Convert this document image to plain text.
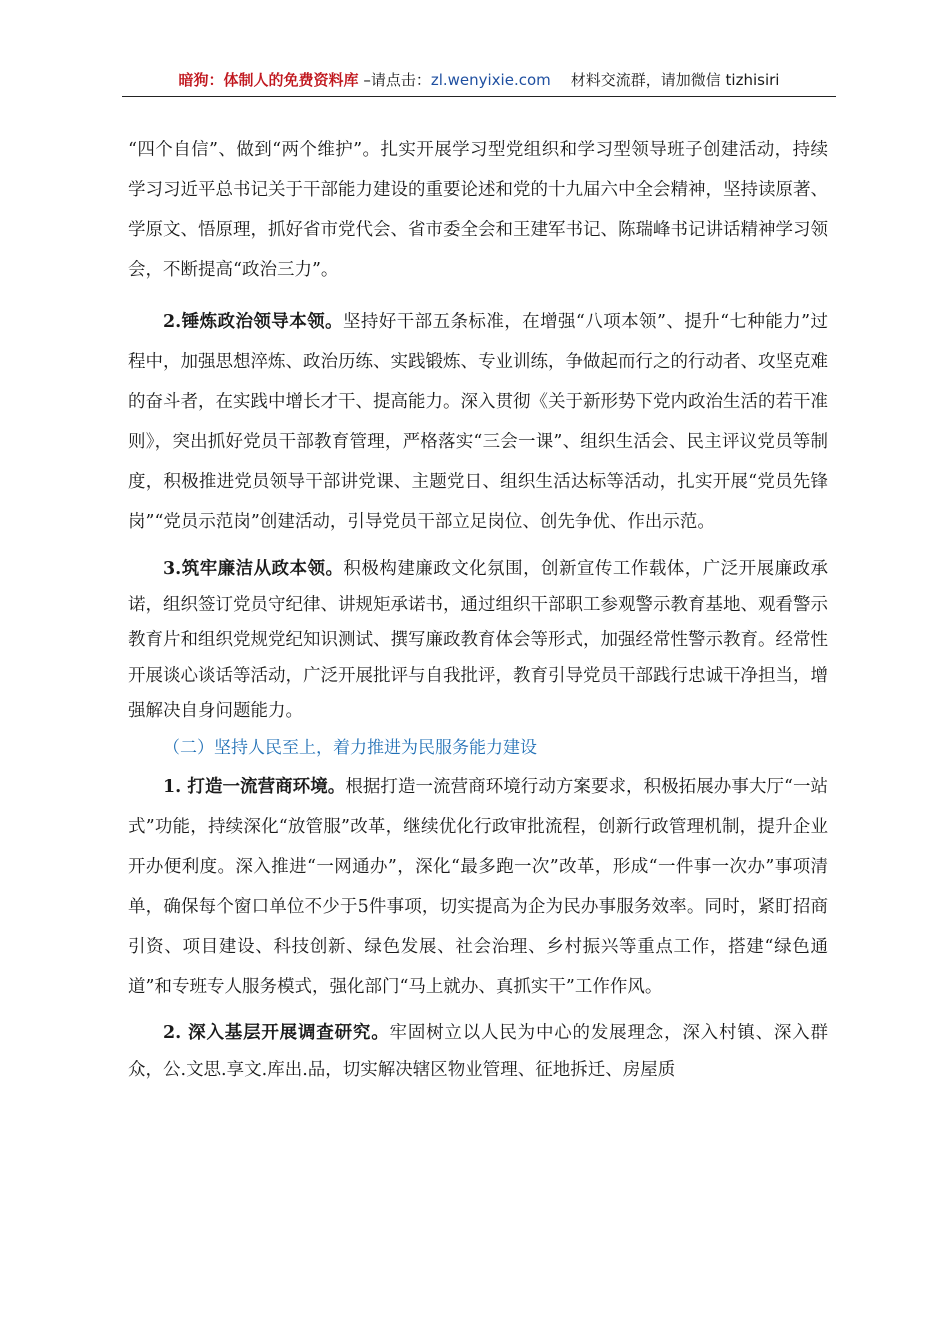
暗狗：体制人的免费资料库 –请点击：zl.wenyixie.com 材料交流群，请加微信 tizhisiri

“四个自信”、做到“两个维护”。扎实开展学习型党组织和学习型领导班子创建活动，持续学习习近平总书记关于干部能力建设的重要论述和党的十九届六中全会精神，坚持读原著、学原文、悟原理，抓好省市党代会、省市委全会和王建军书记、陈瑞峰书记讲话精神学习领会，不断提高“政治三力”。

2.锤炼政治领导本领。坚持好干部五条标准，在增强“八项本领”、提升“七种能力”过程中，加强思想淬炼、政治历练、实践锻炼、专业训练，争做起而行之的行动者、攻坚克难的奋斗者，在实践中增长才干、提高能力。深入贯彻《关于新形势下党内政治生活的若干准则》，突出抓好党员干部教育管理，严格落实“三会一课”、组织生活会、民主评议党员等制度，积极推进党员领导干部讲党课、主题党日、组织生活达标等活动，扎实开展“党员先锋岗”“党员示范岗”创建活动，引导党员干部立足岗位、创先争优、作出示范。

3.筑牢廉洁从政本领。积极构建廉政文化氛围，创新宣传工作载体，广泛开展廉政承诺，组织签订党员守纪律、讲规矩承诺书，通过组织干部职工参观警示教育基地、观看警示教育片和组织党规党纪知识测试、撰写廉政教育体会等形式，加强经常性警示教育。经常性开展谈心谈话等活动，广泛开展批评与自我批评，教育引导党员干部践行忠诚干净担当，增强解决自身问题能力。

（二）坚持人民至上，着力推进为民服务能力建设

1. 打造一流营商环境。根据打造一流营商环境行动方案要求，积极拓展办事大厅“一站式”功能，持续深化“放管服”改革，继续优化行政审批流程，创新行政管理机制，提升企业开办便利度。深入推进“一网通办”，深化“最多跑一次”改革，形成“一件事一次办”事项清单，确保每个窗口单位不少于5件事项，切实提高为企为民办事服务效率。同时，紧盯招商引资、项目建设、科技创新、绿色发展、社会治理、乡村振兴等重点工作，搭建“绿色通道”和专班专人服务模式，强化部门“马上就办、真抓实干”工作作风。

2. 深入基层开展调查研究。牢固树立以人民为中心的发展理念，深入村镇、深入群众，公.文思.享文.库出.品，切实解决辖区物业管理、征地拆迁、房屋质
